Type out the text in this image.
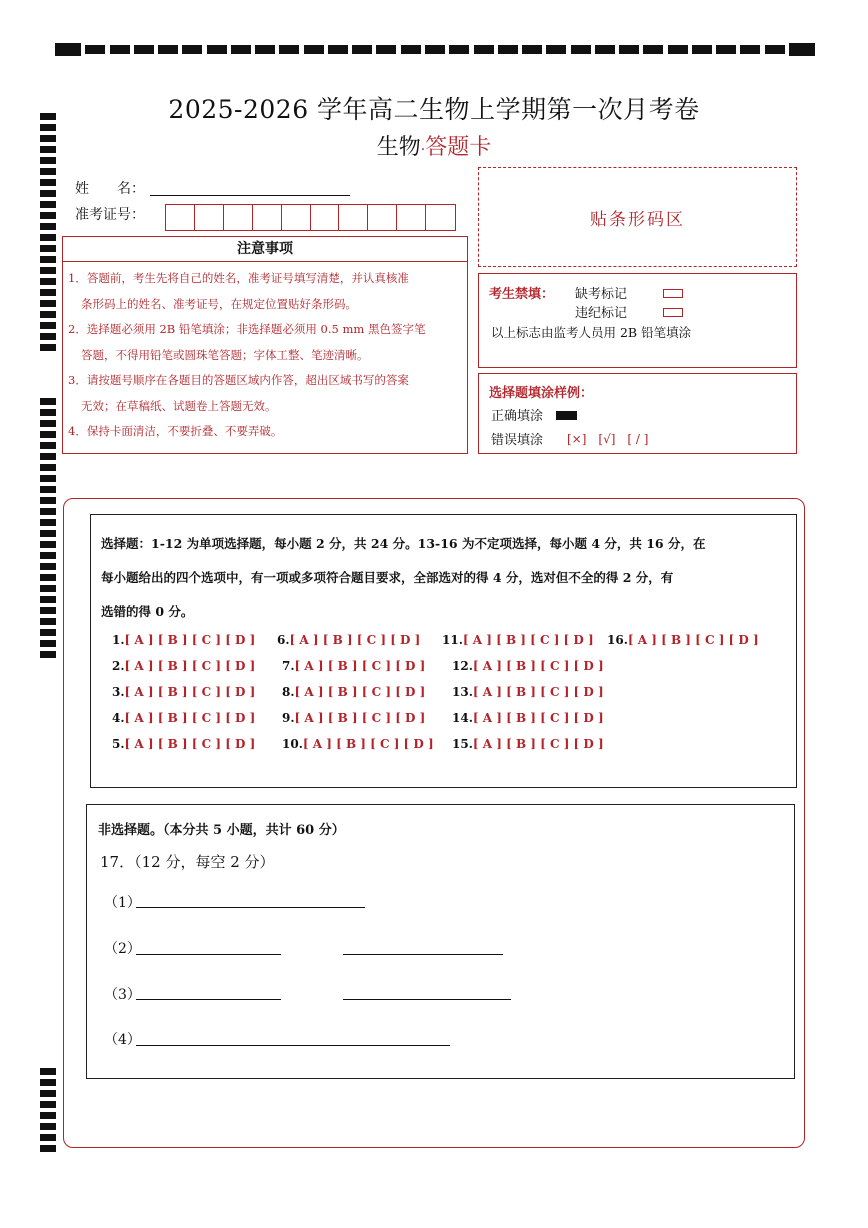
2025-2026 学年高二生物上学期第一次月考卷
生物·答题卡
姓　　名：
准考证号：	贴条形码区
注意事项
1．答题前，考生先将自己的姓名，准考证号填写清楚，并认真核准
条形码上的姓名、准考证号，在规定位置贴好条形码。
2．选择题必须用 2B 铅笔填涂；非选择题必须用 0.5 mm 黑色签字笔
答题，不得用铅笔或圆珠笔答题；字体工整、笔迹清晰。
3．请按题号顺序在各题目的答题区域内作答，超出区域书写的答案
无效；在草稿纸、试题卷上答题无效。
4．保持卡面清洁，不要折叠、不要弄破。
考生禁填： 缺考标记
违纪标记
以上标志由监考人员用 2B 铅笔填涂
选择题填涂样例：
正确填涂
错误填涂 [×]　[√]　[ / ]
选择题：1-12 为单项选择题，每小题 2 分，共 24 分。13-16 为不定项选择，每小题 4 分，共 16 分，在
每小题给出的四个选项中，有一项或多项符合题目要求，全部选对的得 4 分，选对但不全的得 2 分，有
选错的得 0 分。
1.[ A ] [ B ] [ C ] [ D ]	6.[ A ] [ B ] [ C ] [ D ]	11.[ A ] [ B ] [ C ] [ D ]	16.[ A ] [ B ] [ C ] [ D ]
2.[ A ] [ B ] [ C ] [ D ]	7.[ A ] [ B ] [ C ] [ D ]	12.[ A ] [ B ] [ C ] [ D ]
3.[ A ] [ B ] [ C ] [ D ]	8.[ A ] [ B ] [ C ] [ D ]	13.[ A ] [ B ] [ C ] [ D ]
4.[ A ] [ B ] [ C ] [ D ]	9.[ A ] [ B ] [ C ] [ D ]	14.[ A ] [ B ] [ C ] [ D ]
5.[ A ] [ B ] [ C ] [ D ]	10.[ A ] [ B ] [ C ] [ D ]	15.[ A ] [ B ] [ C ] [ D ]
非选择题。（本分共 5 小题，共计 60 分）
17．（12 分，每空 2 分）
（1）
（2）
（3）
（4）
